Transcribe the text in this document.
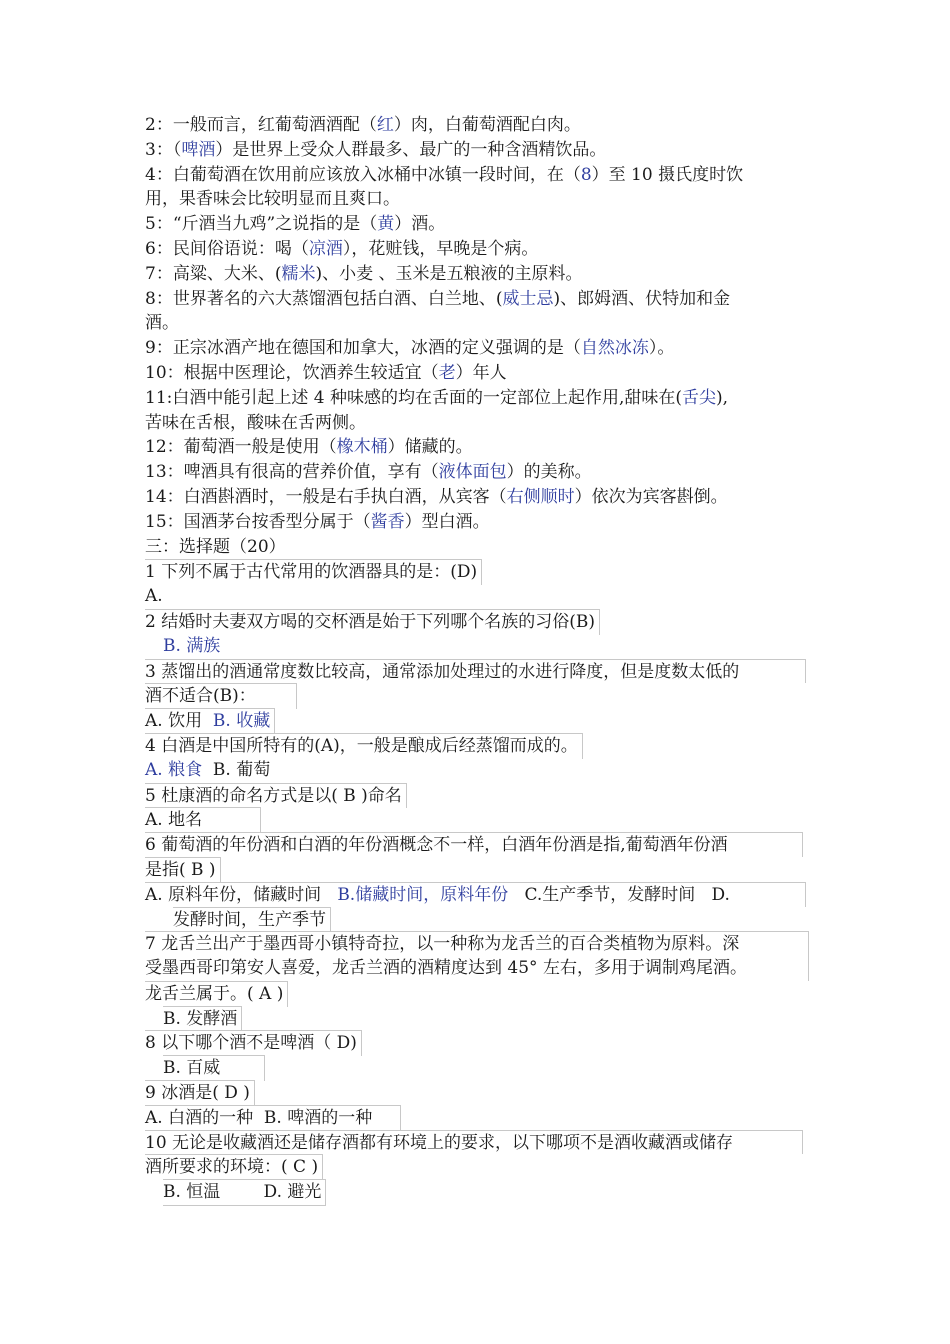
2：一般而言，红葡萄酒酒配（红）肉，白葡萄酒配白肉。
3：（啤酒）是世界上受众人群最多、最广的一种含酒精饮品。
4：白葡萄酒在饮用前应该放入冰桶中冰镇一段时间，在（8）至 10 摄氏度时饮
用，果香味会比较明显而且爽口。
5：“斤酒当九鸡”之说指的是（黄）酒。
6：民间俗语说：喝（凉酒），花赃钱，早晚是个病。
7：高粱、大米、(糯米)、小麦 、玉米是五粮液的主原料。
8：世界著名的六大蒸馏酒包括白酒、白兰地、(威士忌)、郎姆酒、伏特加和金
酒。
9：正宗冰酒产地在德国和加拿大，冰酒的定义强调的是（自然冰冻）。
10：根据中医理论，饮酒养生较适宜（老）年人
11:白酒中能引起上述 4 种味感的均在舌面的一定部位上起作用,甜味在(舌尖),
苦味在舌根，酸味在舌两侧。
12：葡萄酒一般是使用（橡木桶）储藏的。
13：啤酒具有很高的营养价值，享有（液体面包）的美称。
14：白酒斟酒时，一般是右手执白酒，从宾客（右侧顺时）依次为宾客斟倒。
15：国酒茅台按香型分属于（酱香）型白酒。
三：选择题（20）
1 下列不属于古代常用的饮酒器具的是：(D)
A.
2 结婚时夫妻双方喝的交杯酒是始于下列哪个名族的习俗(B)
B. 满族
3 蒸馏出的酒通常度数比较高，通常添加处理过的水进行降度，但是度数太低的
酒不适合(B)：
A. 饮用 B. 收藏
4 白酒是中国所特有的(A)，一般是酿成后经蒸馏而成的。
A. 粮食 B. 葡萄
5 杜康酒的命名方式是以( B )命名
A. 地名
6 葡萄酒的年份酒和白酒的年份酒概念不一样，白酒年份酒是指,葡萄酒年份酒
是指( B )
A. 原料年份，储藏时间 B.储藏时间，原料年份 C.生产季节，发酵时间 D.
发酵时间，生产季节
7 龙舌兰出产于墨西哥小镇特奇拉，以一种称为龙舌兰的百合类植物为原料。深
受墨西哥印第安人喜爱，龙舌兰酒的酒精度达到 45° 左右，多用于调制鸡尾酒。
龙舌兰属于。( A )
B. 发酵酒
8 以下哪个酒不是啤酒（ D)
B. 百威
9 冰酒是( D )
A. 白酒的一种 B. 啤酒的一种
10 无论是收藏酒还是储存酒都有环境上的要求，以下哪项不是酒收藏酒或储存
酒所要求的环境：( C )
B. 恒温	D. 避光
